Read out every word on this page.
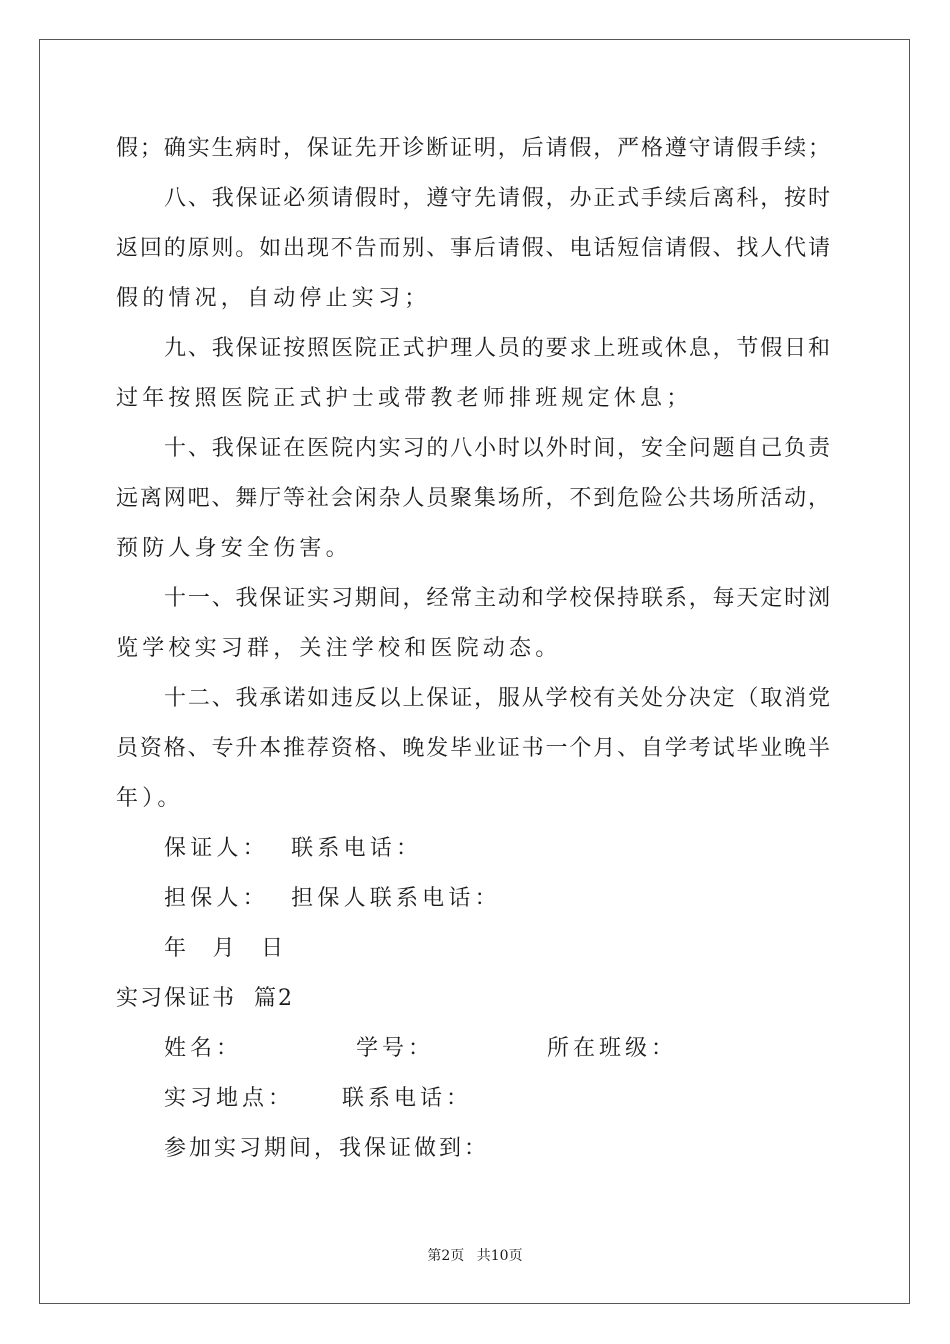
假；确实生病时，保证先开诊断证明，后请假，严格遵守请假手续；
八、我保证必须请假时，遵守先请假，办正式手续后离科，按时
返回的原则。如出现不告而别、事后请假、电话短信请假、找人代请
假的情况，自动停止实习；
九、我保证按照医院正式护理人员的要求上班或休息，节假日和
过年按照医院正式护士或带教老师排班规定休息；
十、我保证在医院内实习的八小时以外时间，安全问题自己负责
远离网吧、舞厅等社会闲杂人员聚集场所，不到危险公共场所活动，
预防人身安全伤害。
十一、我保证实习期间，经常主动和学校保持联系，每天定时浏
览学校实习群，关注学校和医院动态。
十二、我承诺如违反以上保证，服从学校有关处分决定（取消党
员资格、专升本推荐资格、晚发毕业证书一个月、自学考试毕业晚半
年）。
保证人：  联系电话：
担保人：  担保人联系电话：
年  月  日
实习保证书  篇2
姓名：	学号：	所在班级：
实习地点： 联系电话：
参加实习期间，我保证做到：
第2页 共10页
